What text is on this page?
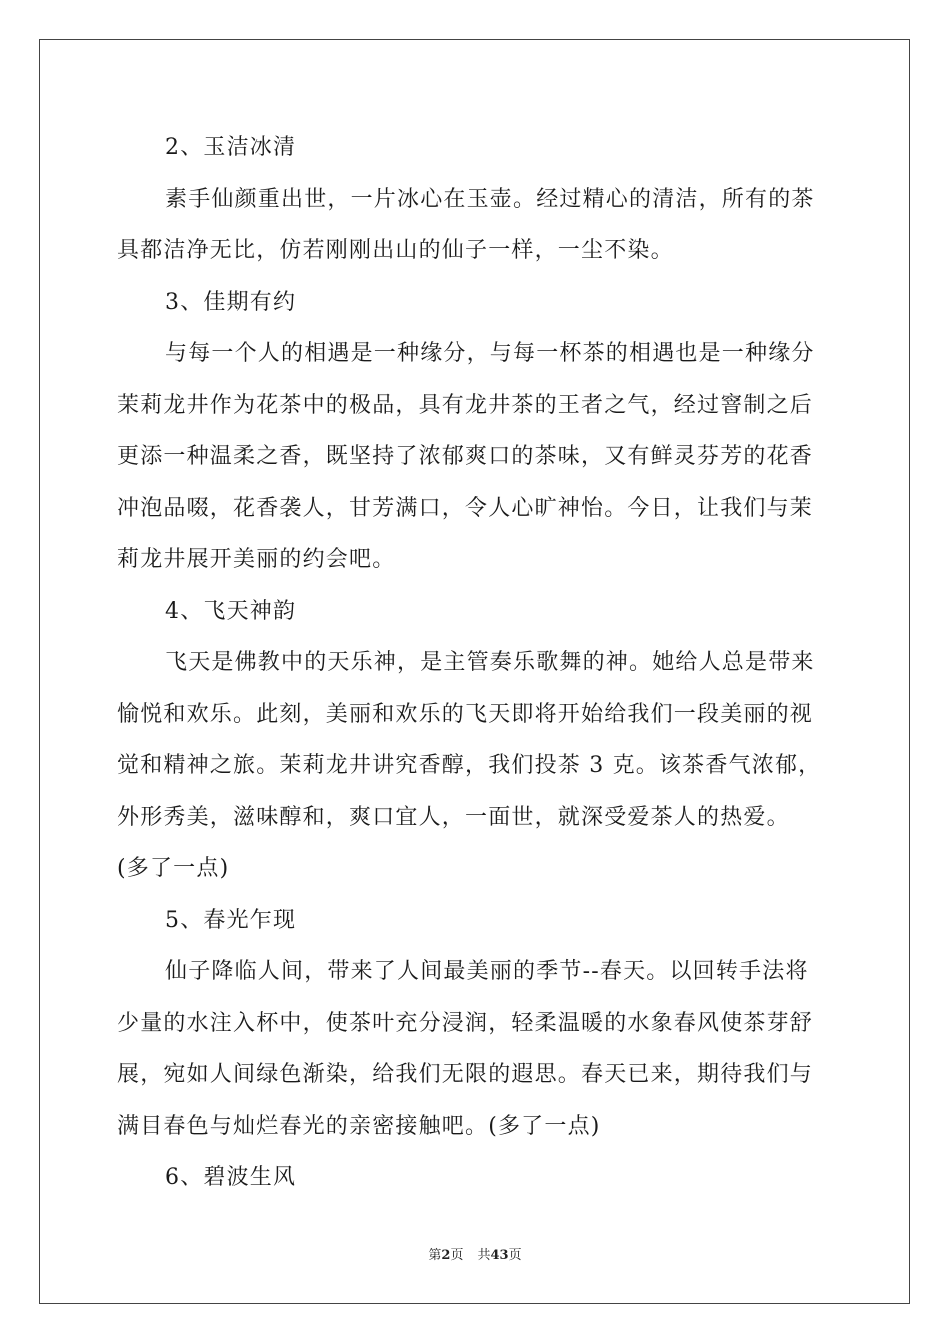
2、玉洁冰清
素手仙颜重出世，一片冰心在玉壶。经过精心的清洁，所有的茶
具都洁净无比，仿若刚刚出山的仙子一样，一尘不染。
3、佳期有约
与每一个人的相遇是一种缘分，与每一杯茶的相遇也是一种缘分
茉莉龙井作为花茶中的极品，具有龙井茶的王者之气，经过窨制之后
更添一种温柔之香，既坚持了浓郁爽口的茶味，又有鲜灵芬芳的花香
冲泡品啜，花香袭人，甘芳满口，令人心旷神怡。今日，让我们与茉
莉龙井展开美丽的约会吧。
4、飞天神韵
飞天是佛教中的天乐神，是主管奏乐歌舞的神。她给人总是带来
愉悦和欢乐。此刻，美丽和欢乐的飞天即将开始给我们一段美丽的视
觉和精神之旅。茉莉龙井讲究香醇，我们投茶 3 克。该茶香气浓郁，
外形秀美，滋味醇和，爽口宜人，一面世，就深受爱茶人的热爱。
(多了一点)
5、春光乍现
仙子降临人间，带来了人间最美丽的季节--春天。以回转手法将
少量的水注入杯中，使茶叶充分浸润，轻柔温暖的水象春风使茶芽舒
展，宛如人间绿色渐染，给我们无限的遐思。春天已来，期待我们与
满目春色与灿烂春光的亲密接触吧。(多了一点)
6、碧波生风
第2页 共43页
